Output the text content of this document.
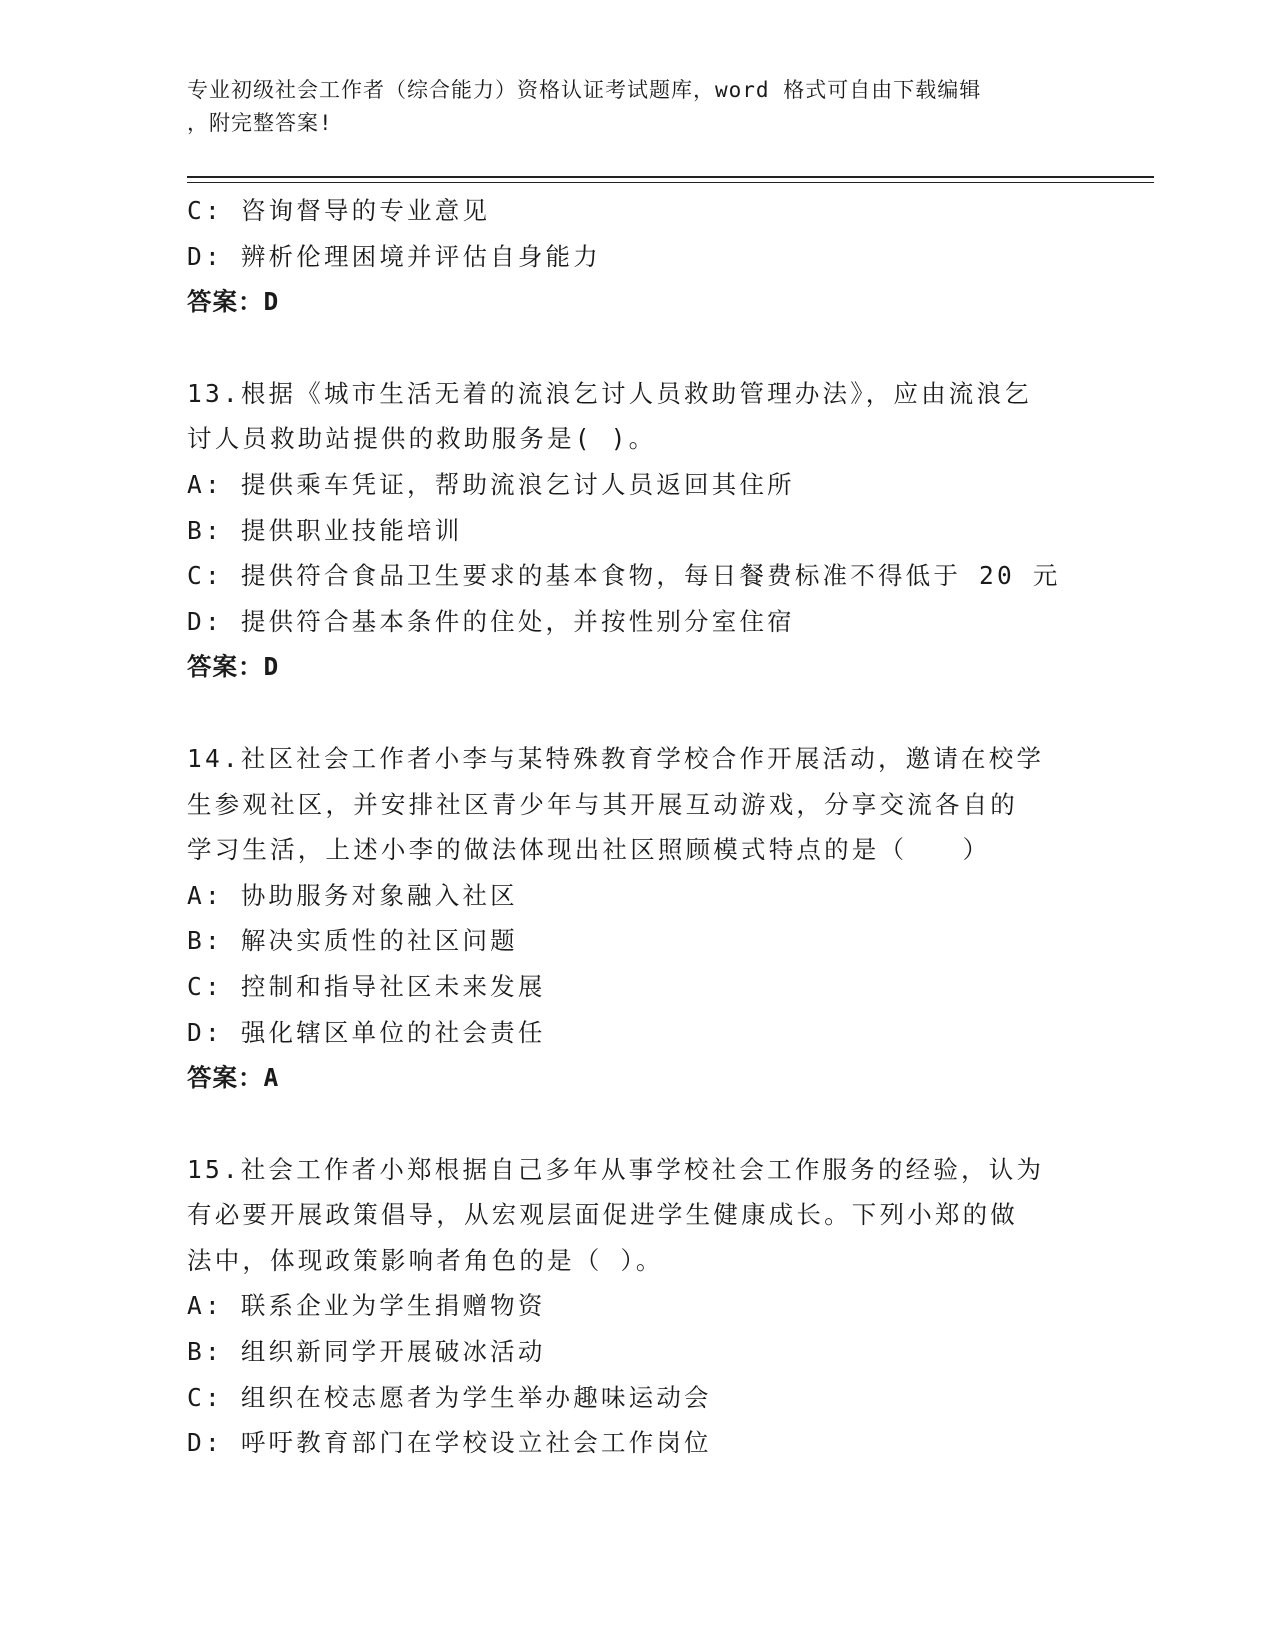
专业初级社会工作者（综合能力）资格认证考试题库，word 格式可自由下载编辑
，附完整答案!
C: 咨询督导的专业意见
D: 辨析伦理困境并评估自身能力
答案：D
13.根据《城市生活无着的流浪乞讨人员救助管理办法》，应由流浪乞
讨人员救助站提供的救助服务是( )。
A: 提供乘车凭证，帮助流浪乞讨人员返回其住所
B: 提供职业技能培训
C: 提供符合食品卫生要求的基本食物，每日餐费标准不得低于 20 元
D: 提供符合基本条件的住处，并按性别分室住宿
答案：D
14.社区社会工作者小李与某特殊教育学校合作开展活动，邀请在校学
生参观社区，并安排社区青少年与其开展互动游戏，分享交流各自的
学习生活，上述小李的做法体现出社区照顾模式特点的是（　　）
A: 协助服务对象融入社区
B: 解决实质性的社区问题
C: 控制和指导社区未来发展
D: 强化辖区单位的社会责任
答案：A
15.社会工作者小郑根据自己多年从事学校社会工作服务的经验，认为
有必要开展政策倡导，从宏观层面促进学生健康成长。下列小郑的做
法中，体现政策影响者角色的是（ ）。
A: 联系企业为学生捐赠物资
B: 组织新同学开展破冰活动
C: 组织在校志愿者为学生举办趣味运动会
D: 呼吁教育部门在学校设立社会工作岗位
